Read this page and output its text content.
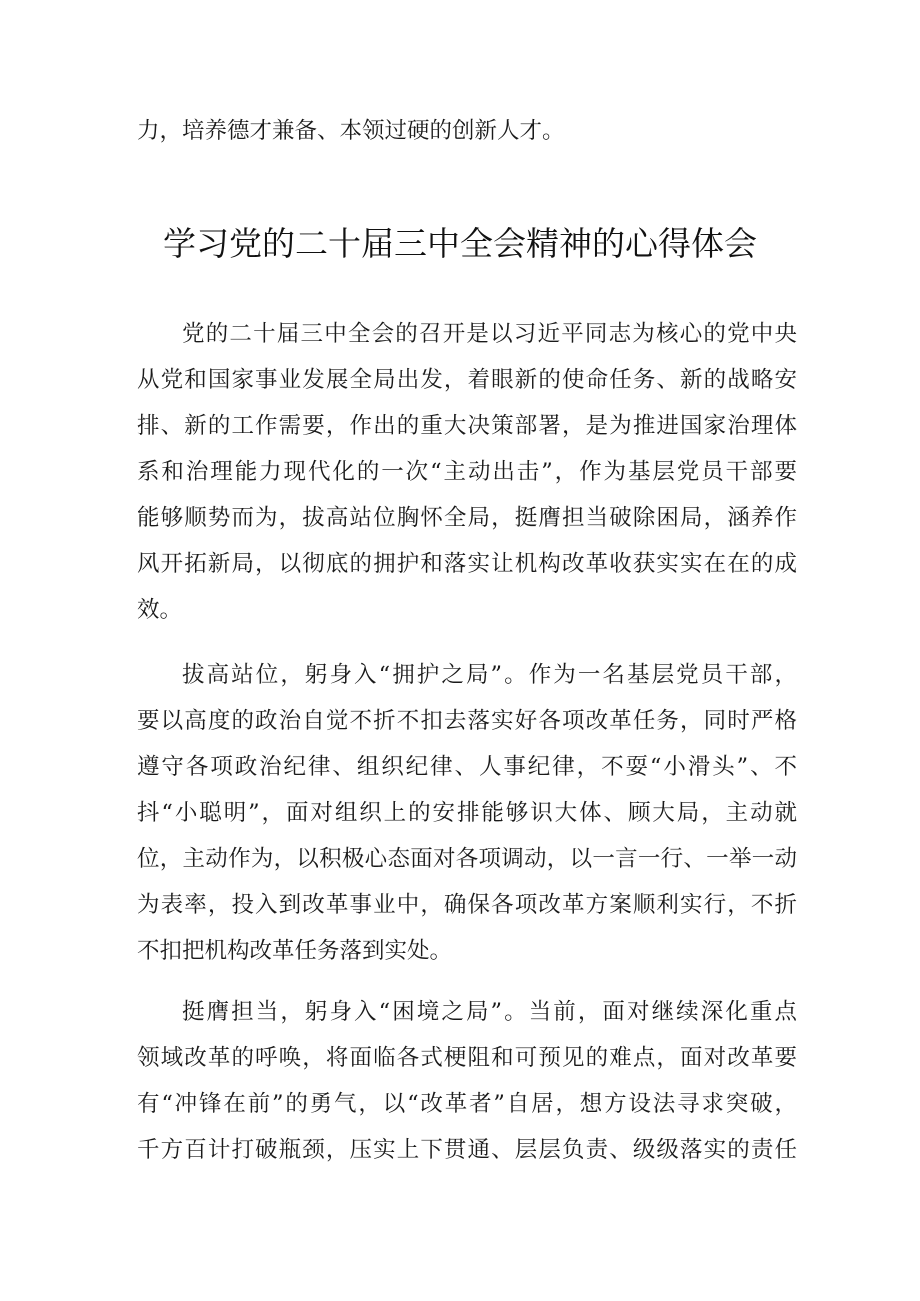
力，培养德才兼备、本领过硬的创新人才。
学习党的二十届三中全会精神的心得体会
党的二十届三中全会的召开是以习近平同志为核心的党中央
从党和国家事业发展全局出发，着眼新的使命任务、新的战略安
排、新的工作需要，作出的重大决策部署，是为推进国家治理体
系和治理能力现代化的一次“主动出击”，作为基层党员干部要
能够顺势而为，拔高站位胸怀全局，挺膺担当破除困局，涵养作
风开拓新局，以彻底的拥护和落实让机构改革收获实实在在的成
效。
拔高站位，躬身入“拥护之局”。作为一名基层党员干部，
要以高度的政治自觉不折不扣去落实好各项改革任务，同时严格
遵守各项政治纪律、组织纪律、人事纪律，不耍“小滑头”、不
抖“小聪明”，面对组织上的安排能够识大体、顾大局，主动就
位，主动作为，以积极心态面对各项调动，以一言一行、一举一动
为表率，投入到改革事业中，确保各项改革方案顺利实行，不折
不扣把机构改革任务落到实处。
挺膺担当，躬身入“困境之局”。当前，面对继续深化重点
领域改革的呼唤，将面临各式梗阻和可预见的难点，面对改革要
有“冲锋在前”的勇气，以“改革者”自居，想方设法寻求突破，
千方百计打破瓶颈，压实上下贯通、层层负责、级级落实的责任
